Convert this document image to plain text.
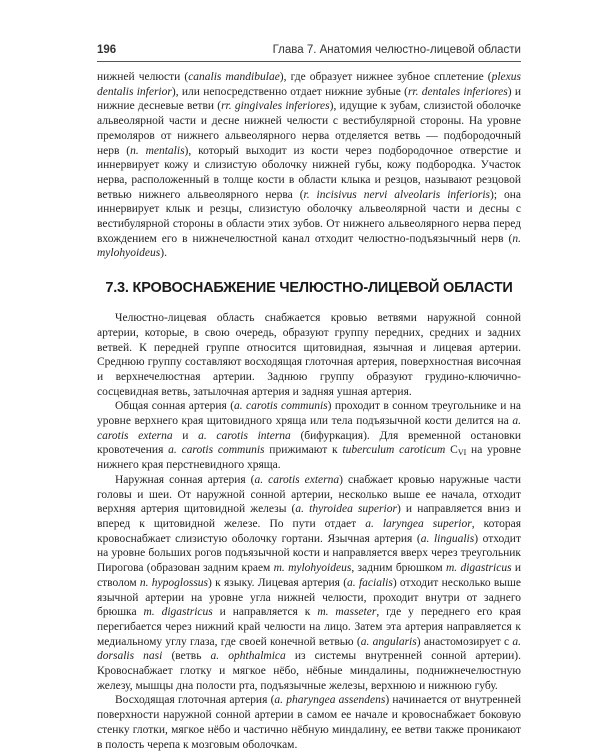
196	Глава 7. Анатомия челюстно-лицевой области

нижней челюсти (canalis mandibulae), где образует нижнее зубное сплетение (plexus dentalis inferior), или непосредственно отдает нижние зубные (rr. dentales inferiores) и нижние десневые ветви (rr. gingivales inferiores), идущие к зубам, слизистой оболочке альвеолярной части и десне нижней челюсти с вестибулярной стороны. На уровне премоляров от нижнего альвеолярного нерва отделяется ветвь — подбородочный нерв (n. mentalis), который выходит из кости через подбородочное отверстие и иннервирует кожу и слизистую оболочку нижней губы, кожу подбородка. Участок нерва, расположенный в толще кости в области клыка и резцов, называют резцовой ветвью нижнего альвеолярного нерва (r. incisivus nervi alveolaris inferioris); она иннервирует клык и резцы, слизистую оболочку альвеолярной части и десны с вестибулярной стороны в области этих зубов. От нижнего альвеолярного нерва перед вхождением его в нижнечелюстной канал отходит челюстно-подъязычный нерв (n. mylohyoideus).

7.3. КРОВОСНАБЖЕНИЕ ЧЕЛЮСТНО-ЛИЦЕВОЙ ОБЛАСТИ

Челюстно-лицевая область снабжается кровью ветвями наружной сонной артерии, которые, в свою очередь, образуют группу передних, средних и задних ветвей. К передней группе относится щитовидная, язычная и лицевая артерии. Среднюю группу составляют восходящая глоточная артерия, поверхностная височная и верхнечелюстная артерии. Заднюю группу образуют грудино-ключично-сосцевидная ветвь, затылочная артерия и задняя ушная артерия.

Общая сонная артерия (a. carotis communis) проходит в сонном треугольнике и на уровне верхнего края щитовидного хряща или тела подъязычной кости делится на a. carotis externa и a. carotis interna (бифуркация). Для временной остановки кровотечения a. carotis communis прижимают к tuberculum caroticum $C_{VI}$ на уровне нижнего края перстневидного хряща.

Наружная сонная артерия (a. carotis externa) снабжает кровью наружные части головы и шеи. От наружной сонной артерии, несколько выше ее начала, отходит верхняя артерия щитовидной железы (a. thyroidea superior) и направляется вниз и вперед к щитовидной железе. По пути отдает a. laryngea superior, которая кровоснабжает слизистую оболочку гортани. Язычная артерия (a. lingualis) отходит на уровне больших рогов подъязычной кости и направляется вверх через треугольник Пирогова (образован задним краем m. mylohyoideus, задним брюшком m. digastricus и стволом n. hypoglossus) к языку. Лицевая артерия (a. facialis) отходит несколько выше язычной артерии на уровне угла нижней челюсти, проходит внутри от заднего брюшка m. digastricus и направляется к m. masseter, где у переднего его края перегибается через нижний край челюсти на лицо. Затем эта артерия направляется к медиальному углу глаза, где своей конечной ветвью (a. angularis) анастомозирует с a. dorsalis nasi (ветвь a. ophthalmica из системы внутренней сонной артерии). Кровоснабжает глотку и мягкое нёбо, нёбные миндалины, поднижнечелюстную железу, мышцы дна полости рта, подъязычные железы, верхнюю и нижнюю губу.

Восходящая глоточная артерия (a. pharyngea assendens) начинается от внутренней поверхности наружной сонной артерии в самом ее начале и кровоснабжает боковую стенку глотки, мягкое нёбо и частично нёбную миндалину, ее ветви также проникают в полость черепа к мозговым оболочкам.
